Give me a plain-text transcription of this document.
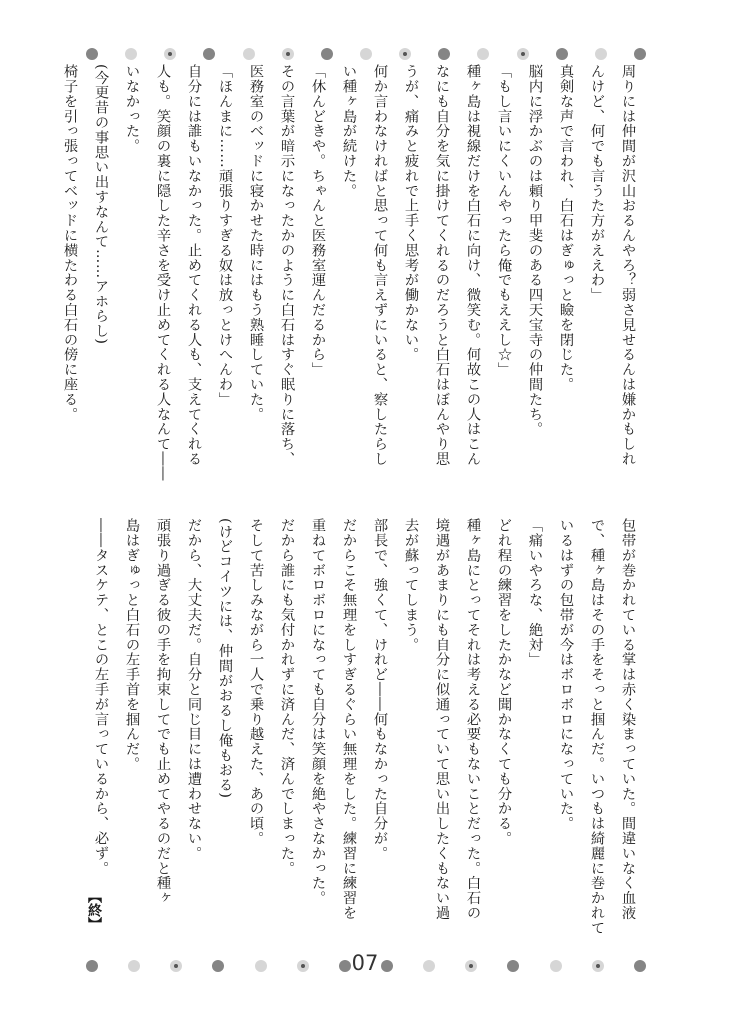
周りには仲間が沢山おるんやろ？弱さ見せるんは嫌かもしれ
んけど、何でも言うた方がええわ」
真剣な声で言われ、白石はぎゅっと瞼を閉じた。
脳内に浮かぶのは頼り甲斐のある四天宝寺の仲間たち。
「もし言いにくいんやったら俺でもええし☆」
種ヶ島は視線だけを白石に向け、微笑む。何故この人はこん
なにも自分を気に掛けてくれるのだろうと白石はぼんやり思
うが、痛みと疲れで上手く思考が働かない。
何か言わなければと思って何も言えずにいると、察したらし
い種ヶ島が続けた。
「休んどきや。ちゃんと医務室運んだるから」
その言葉が暗示になったかのように白石はすぐ眠りに落ち、
医務室のベッドに寝かせた時にはもう熟睡していた。
「ほんまに……頑張りすぎる奴は放っとけへんわ」
自分には誰もいなかった。止めてくれる人も、支えてくれる
人も。笑顔の裏に隠した辛さを受け止めてくれる人なんて――
いなかった。
(今更昔の事思い出すなんて……アホらし)
椅子を引っ張ってベッドに横たわる白石の傍に座る。
包帯が巻かれている掌は赤く染まっていた。間違いなく血液
で、種ヶ島はその手をそっと掴んだ。いつもは綺麗に巻かれて
いるはずの包帯が今はボロボロになっていた。
「痛いやろな、絶対」
どれ程の練習をしたかなど聞かなくても分かる。
種ヶ島にとってそれは考える必要もないことだった。白石の
境遇があまりにも自分に似通っていて思い出したくもない過
去が蘇ってしまう。
部長で、強くて、けれど――何もなかった自分が。
だからこそ無理をしすぎるぐらい無理をした。練習に練習を
重ねてボロボロになっても自分は笑顔を絶やさなかった。
だから誰にも気付かれずに済んだ、済んでしまった。
そして苦しみながら一人で乗り越えた、あの頃。
(けどコイツには、仲間がおるし俺もおる)
だから、大丈夫だ。自分と同じ目には遭わせない。
頑張り過ぎる彼の手を拘束してでも止めてやるのだと種ヶ
島はぎゅっと白石の左手首を掴んだ。
――タスケテ、とこの左手が言っているから、必ず。
【終】
07
